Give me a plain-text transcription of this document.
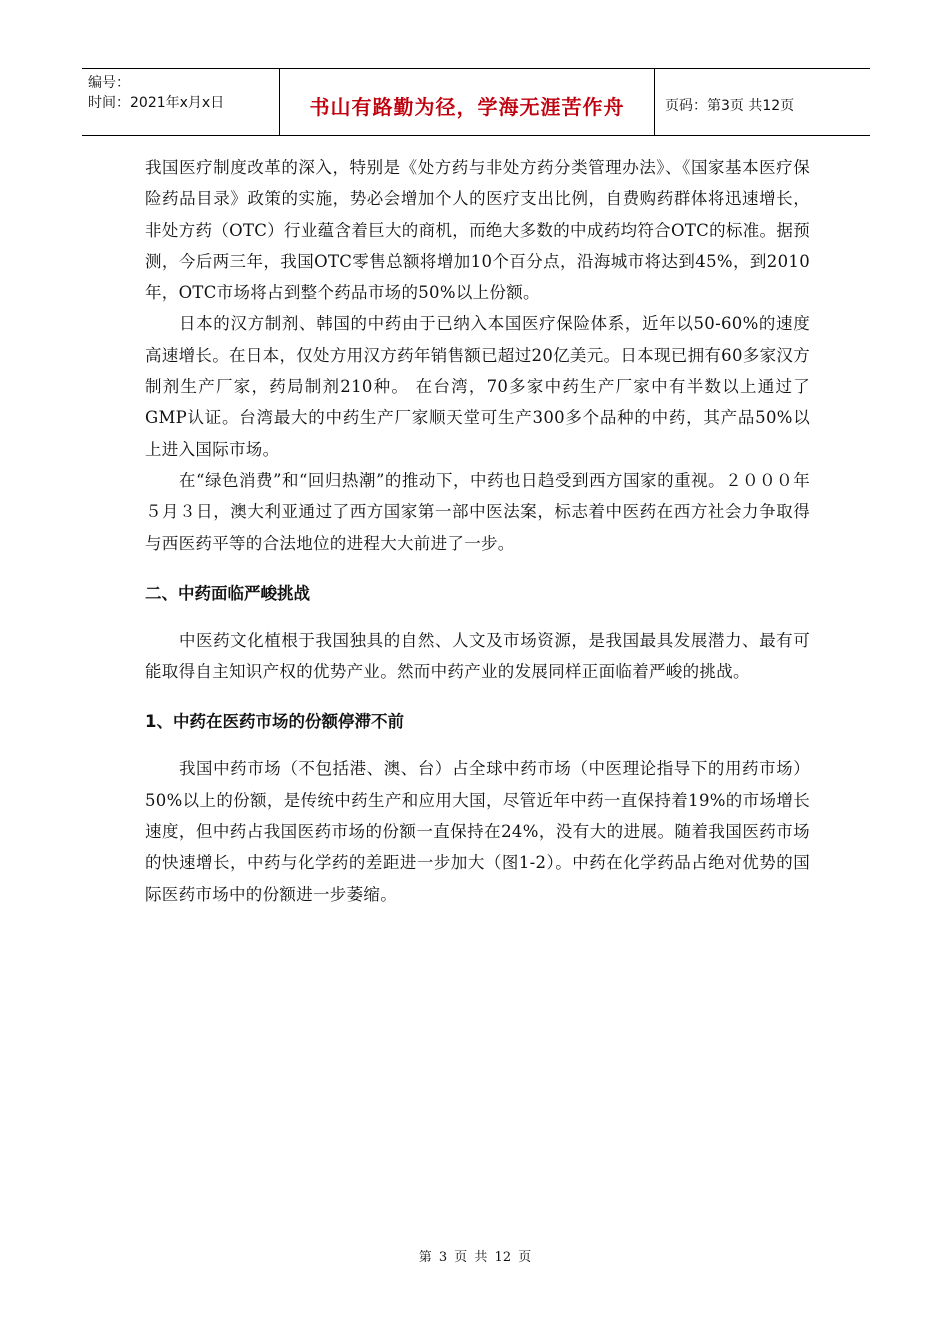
编号：
时间：2021年x月x日	书山有路勤为径，学海无涯苦作舟	页码：第3页 共12页

我国医疗制度改革的深入，特别是《处方药与非处方药分类管理办法》、《国家基本医疗保险药品目录》政策的实施，势必会增加个人的医疗支出比例，自费购药群体将迅速增长，非处方药（OTC）行业蕴含着巨大的商机，而绝大多数的中成药均符合OTC的标准。据预测，今后两三年，我国OTC零售总额将增加10个百分点，沿海城市将达到45%，到2010年，OTC市场将占到整个药品市场的50%以上份额。

日本的汉方制剂、韩国的中药由于已纳入本国医疗保险体系，近年以50-60%的速度高速增长。在日本，仅处方用汉方药年销售额已超过20亿美元。日本现已拥有60多家汉方制剂生产厂家，药局制剂210种。 在台湾，70多家中药生产厂家中有半数以上通过了GMP认证。台湾最大的中药生产厂家顺天堂可生产300多个品种的中药，其产品50%以上进入国际市场。

在“绿色消费”和“回归热潮”的推动下，中药也日趋受到西方国家的重视。２０００年５月３日，澳大利亚通过了西方国家第一部中医法案，标志着中医药在西方社会力争取得与西医药平等的合法地位的进程大大前进了一步。

二、中药面临严峻挑战

中医药文化植根于我国独具的自然、人文及市场资源，是我国最具发展潜力、最有可能取得自主知识产权的优势产业。然而中药产业的发展同样正面临着严峻的挑战。

1、中药在医药市场的份额停滞不前

我国中药市场（不包括港、澳、台）占全球中药市场（中医理论指导下的用药市场）50%以上的份额，是传统中药生产和应用大国，尽管近年中药一直保持着19%的市场增长速度，但中药占我国医药市场的份额一直保持在24%，没有大的进展。随着我国医药市场的快速增长，中药与化学药的差距进一步加大（图1-2）。中药在化学药品占绝对优势的国际医药市场中的份额进一步萎缩。

第 3 页 共 12 页
